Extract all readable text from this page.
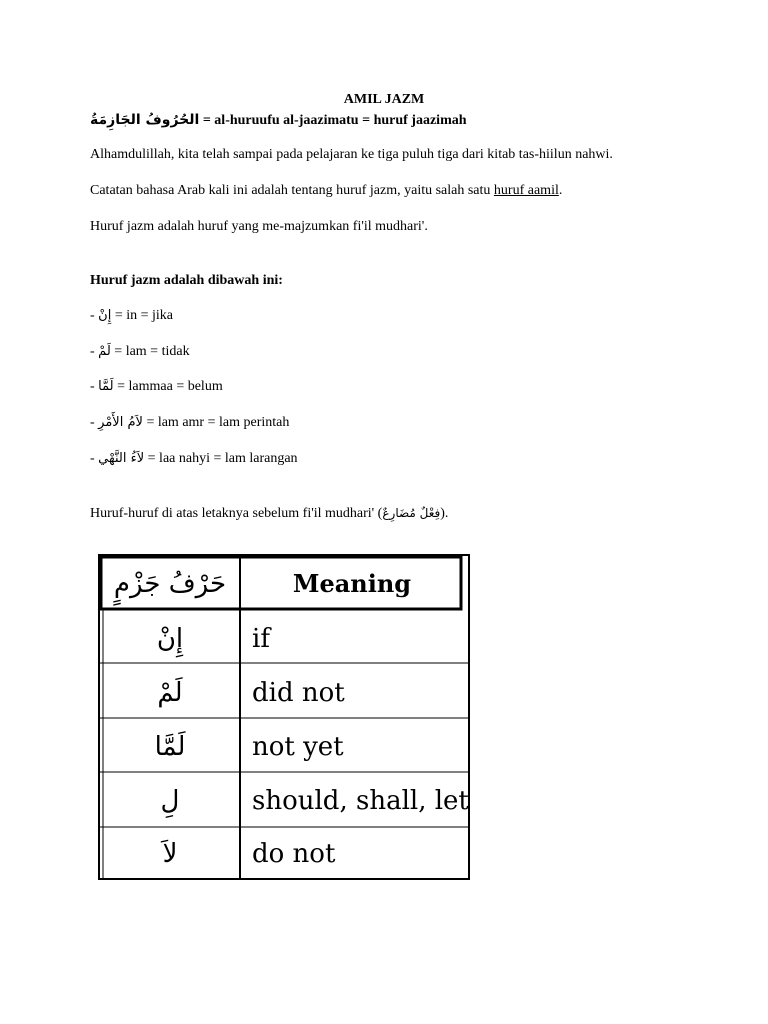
AMIL JAZM
الحُرُوفُ الجَازِمَةُ = al-huruufu al-jaazimatu = huruf jaazimah
Alhamdulillah, kita telah sampai pada pelajaran ke tiga puluh tiga dari kitab tas-hiilun nahwi.
Catatan bahasa Arab kali ini adalah tentang huruf jazm, yaitu salah satu huruf aamil.
Huruf jazm adalah huruf yang me-majzumkan fi'il mudhari'.
Huruf jazm adalah dibawah ini:
- إِنْ = in = jika
- لَمْ = lam = tidak
- لَمَّا = lammaa = belum
- لاَمُ الأَمْرِ = lam amr = lam perintah
- لاَءُ النَّهْي = laa nahyi = lam larangan
Huruf-huruf di atas letaknya sebelum fi'il mudhari' (فِعْلٌ مُضَارِعٌ).
حَرْفُ جَزْمٍ	Meaning
إِنْ	if
لَمْ	did not
لَمَّا	not yet
لِ	should, shall, let
لاَ	do not
